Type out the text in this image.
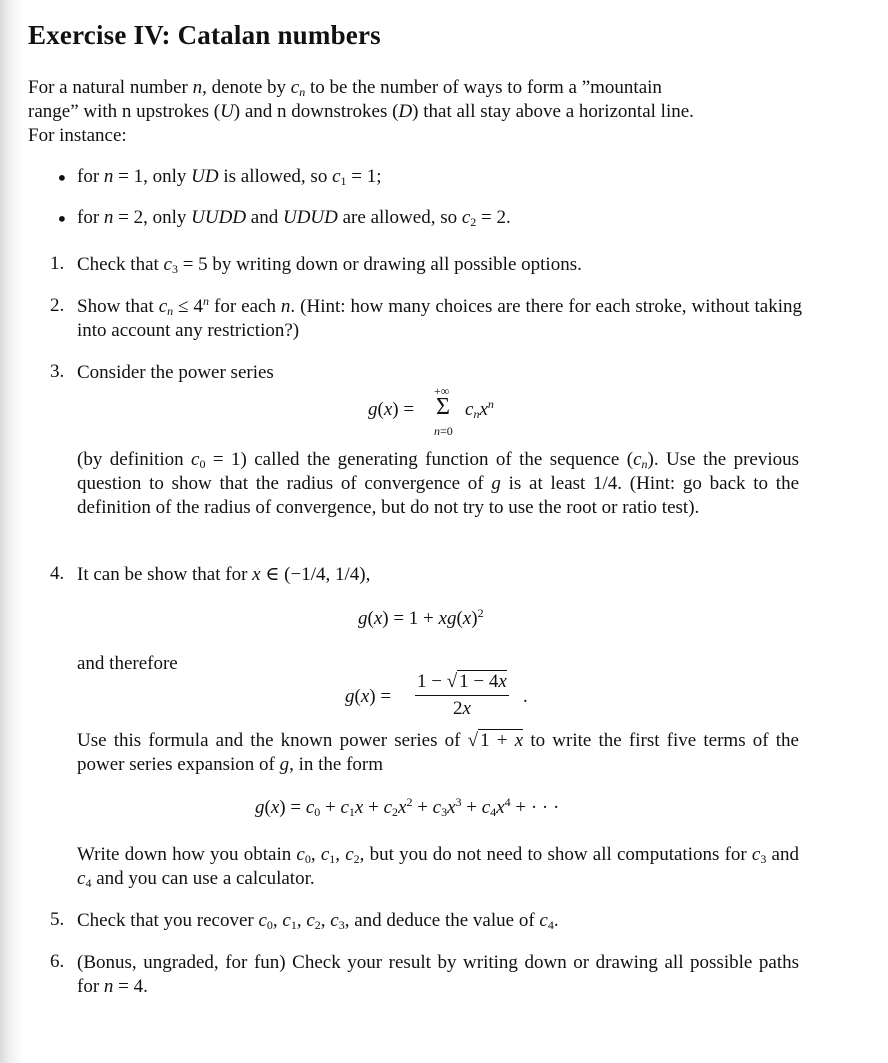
Exercise IV: Catalan numbers
For a natural number n, denote by $c_n$ to be the number of ways to form a ”mountain
range” with n upstrokes (U) and n downstrokes (D) that all stay above a horizontal line.
For instance:
• for n = 1, only UD is allowed, so $c_1 = 1$;
• for n = 2, only UUDD and UDUD are allowed, so $c_2 = 2$.
1. Check that $c_3 = 5$ by writing down or drawing all possible options.
2. Show that $c_n \le 4^n$ for each n. (Hint: how many choices are there for each stroke, without taking into account any restriction?)
3. Consider the power series
g(x) =
+∞
Σ
n=0
$c_nx^n$
(by definition $c_0 = 1$) called the generating function of the sequence $(c_n)$. Use the previous question to show that the radius of convergence of g is at least 1/4. (Hint: go back to the definition of the radius of convergence, but do not try to use the root or ratio test).
4. It can be show that for x ∈ (−1/4, 1/4),
$g(x) = 1 + xg(x)^2$
and therefore
$g(x) = \frac{1 - √ 1 - 4x}{2x}$ .
Use this formula and the known power series of √ 1 + x to write the first five terms of the power series expansion of g, in the form
$g(x) = c_0 + c_1x + c_2x^2 + c_3x^3 + c_4x^4$ + · · ·
Write down how you obtain $c_0$, $c_1$, $c_2$, but you do not need to show all computations for $c_3$ and $c_4$ and you can use a calculator.
5. Check that you recover $c_0$, $c_1$, $c_2$, $c_3$, and deduce the value of $c_4$.
6. (Bonus, ungraded, for fun) Check your result by writing down or drawing all possible paths for n = 4.
